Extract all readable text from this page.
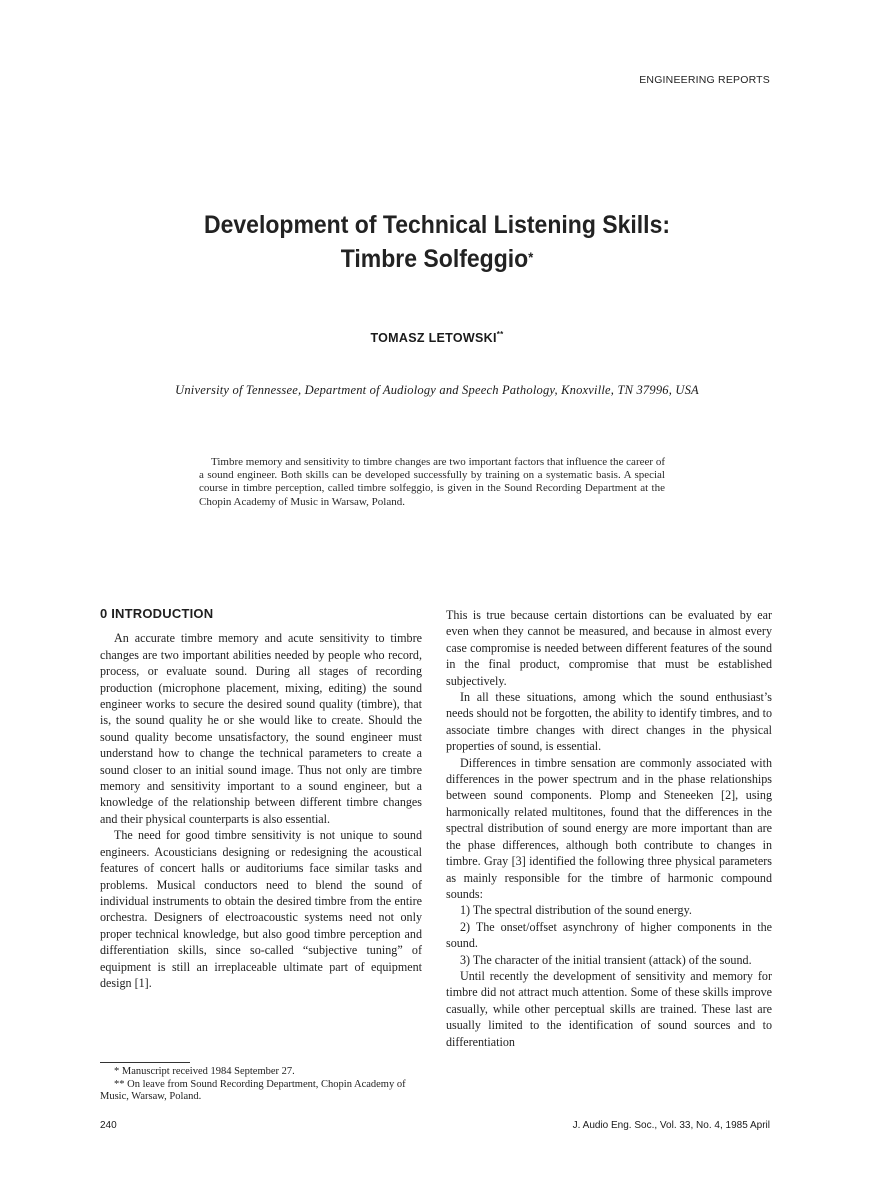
ENGINEERING REPORTS
Development of Technical Listening Skills:
Timbre Solfeggio*
TOMASZ LETOWSKI**
University of Tennessee, Department of Audiology and Speech Pathology, Knoxville, TN 37996, USA
Timbre memory and sensitivity to timbre changes are two important factors that influence the career of a sound engineer. Both skills can be developed successfully by training on a systematic basis. A special course in timbre perception, called timbre solfeggio, is given in the Sound Recording Department at the Chopin Academy of Music in Warsaw, Poland.
0 INTRODUCTION

An accurate timbre memory and acute sensitivity to timbre changes are two important abilities needed by people who record, process, or evaluate sound. During all stages of recording production (microphone placement, mixing, editing) the sound engineer works to secure the desired sound quality (timbre), that is, the sound quality he or she would like to create. Should the sound quality become unsatisfactory, the sound engineer must understand how to change the technical parameters to create a sound closer to an initial sound image. Thus not only are timbre memory and sensitivity important to a sound engineer, but a knowledge of the relationship between different timbre changes and their physical counterparts is also essential.

The need for good timbre sensitivity is not unique to sound engineers. Acousticians designing or redesigning the acoustical features of concert halls or auditoriums face similar tasks and problems. Musical conductors need to blend the sound of individual instruments to obtain the desired timbre from the entire orchestra. Designers of electroacoustic systems need not only proper technical knowledge, but also good timbre perception and differentiation skills, since so-called “subjective tuning” of equipment is still an irreplaceable ultimate part of equipment design [1].

This is true because certain distortions can be evaluated by ear even when they cannot be measured, and because in almost every case compromise is needed between different features of the sound in the final product, compromise that must be established subjectively.

In all these situations, among which the sound enthusiast’s needs should not be forgotten, the ability to identify timbres, and to associate timbre changes with direct changes in the physical properties of sound, is essential.

Differences in timbre sensation are commonly associated with differences in the power spectrum and in the phase relationships between sound components. Plomp and Steneeken [2], using harmonically related multitones, found that the differences in the spectral distribution of sound energy are more important than are the phase differences, although both contribute to changes in timbre. Gray [3] identified the following three physical parameters as mainly responsible for the timbre of harmonic compound sounds:

1) The spectral distribution of the sound energy.

2) The onset/offset asynchrony of higher components in the sound.

3) The character of the initial transient (attack) of the sound.

Until recently the development of sensitivity and memory for timbre did not attract much attention. Some of these skills improve casually, while other perceptual skills are trained. These last are usually limited to the identification of sound sources and to differentiation

* Manuscript received 1984 September 27.

** On leave from Sound Recording Department, Chopin Academy of Music, Warsaw, Poland.

240	J. Audio Eng. Soc., Vol. 33, No. 4, 1985 April
